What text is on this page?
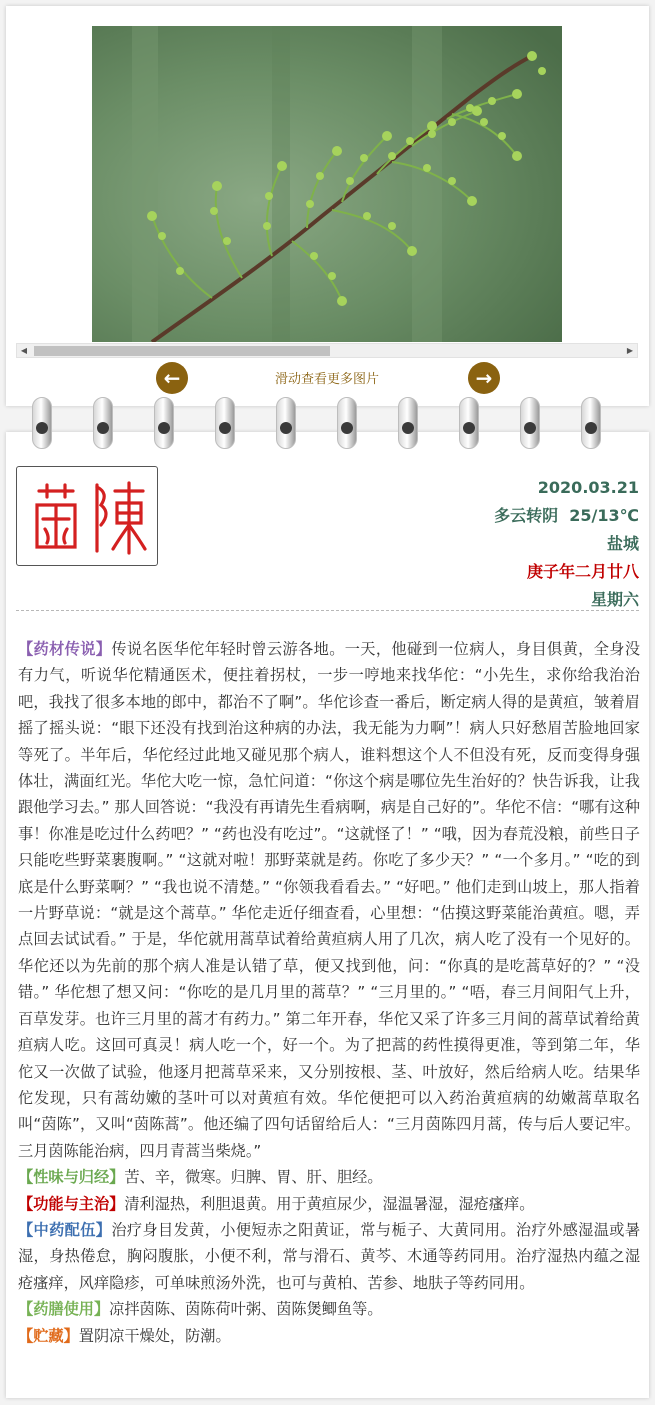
◀	▶
←	滑动查看更多图片	→
2020.03.21
多云转阴  25/13℃
盐城
庚子年二月廿八
星期六

【药材传说】传说名医华佗年轻时曾云游各地。一天，他碰到一位病人，身目俱黄，全身没有力气，听说华佗精通医术，便拄着拐杖，一步一哼地来找华佗：“小先生，求你给我治治吧，我找了很多本地的郎中，都治不了啊”。华佗诊查一番后，断定病人得的是黄疸，皱着眉摇了摇头说：“眼下还没有找到治这种病的办法，我无能为力啊”！病人只好愁眉苦脸地回家等死了。半年后，华佗经过此地又碰见那个病人，谁料想这个人不但没有死，反而变得身强体壮，满面红光。华佗大吃一惊，急忙问道：“你这个病是哪位先生治好的？快告诉我，让我跟他学习去。” 那人回答说：“我没有再请先生看病啊，病是自己好的”。华佗不信：“哪有这种事！你准是吃过什么药吧？” “药也没有吃过”。“这就怪了！” “哦，因为春荒没粮，前些日子只能吃些野菜裹腹啊。” “这就对啦！那野菜就是药。你吃了多少天？” “一个多月。” “吃的到底是什么野菜啊？” “我也说不清楚。” “你领我看看去。” “好吧。” 他们走到山坡上，那人指着一片野草说：“就是这个蒿草。” 华佗走近仔细查看，心里想：“估摸这野菜能治黄疸。嗯，弄点回去试试看。” 于是，华佗就用蒿草试着给黄疸病人用了几次，病人吃了没有一个见好的。华佗还以为先前的那个病人准是认错了草，便又找到他，问：“你真的是吃蒿草好的？” “没错。” 华佗想了想又问：“你吃的是几月里的蒿草？” “三月里的。” “唔，春三月间阳气上升，百草发芽。也许三月里的蒿才有药力。” 第二年开春，华佗又采了许多三月间的蒿草试着给黄疸病人吃。这回可真灵！病人吃一个，好一个。为了把蒿的药性摸得更准，等到第二年，华佗又一次做了试验，他逐月把蒿草采来，又分别按根、茎、叶放好，然后给病人吃。结果华佗发现，只有蒿幼嫩的茎叶可以对黄疸有效。华佗便把可以入药治黄疸病的幼嫩蒿草取名叫“茵陈”，又叫“茵陈蒿”。他还编了四句话留给后人：“三月茵陈四月蒿，传与后人要记牢。三月茵陈能治病，四月青蒿当柴烧。”

【性味与归经】苦、辛，微寒。归脾、胃、肝、胆经。

【功能与主治】清利湿热，利胆退黄。用于黄疸尿少，湿温暑湿，湿疮瘙痒。

【中药配伍】治疗身目发黄，小便短赤之阳黄证，常与栀子、大黄同用。治疗外感湿温或暑湿，身热倦怠，胸闷腹胀，小便不利，常与滑石、黄芩、木通等药同用。治疗湿热内蕴之湿疮瘙痒，风痒隐疹，可单味煎汤外洗，也可与黄柏、苦参、地肤子等药同用。

【药膳使用】凉拌茵陈、茵陈荷叶粥、茵陈煲鲫鱼等。

【贮藏】置阴凉干燥处，防潮。
